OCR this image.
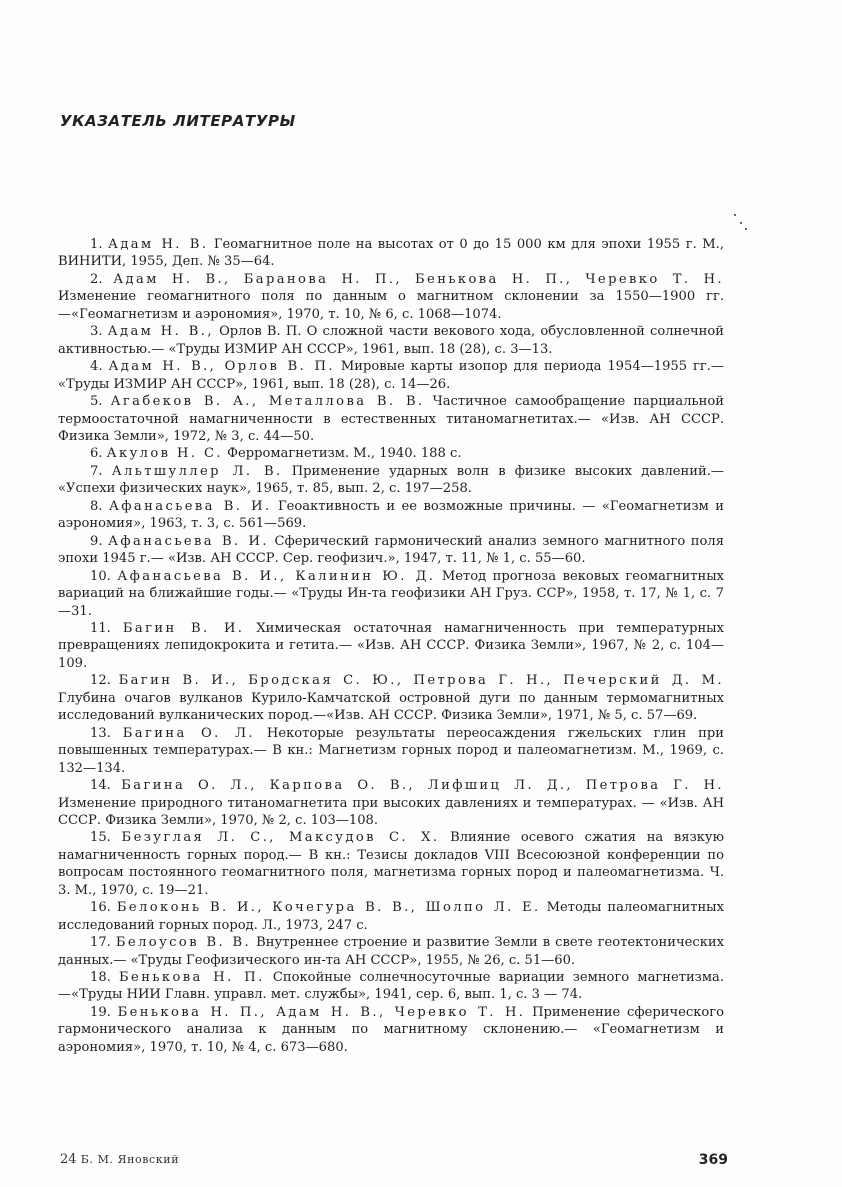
УКАЗАТЕЛЬ ЛИТЕРАТУРЫ

1. Адам Н. В. Геомагнитное поле на высотах от 0 до 15 000 км для эпохи 1955 г. М., ВИНИТИ, 1955, Деп. № 35—64.

2. Адам Н. В., Баранова Н. П., Бенькова Н. П., Черевко Т. Н. Изменение геомагнитного поля по данным о магнитном склонении за 1550—1900 гг.—«Геомагнетизм и аэрономия», 1970, т. 10, № 6, с. 1068—1074.

3. Адам Н. В., Орлов В. П. О сложной части векового хода, обусловленной солнечной активностью.— «Труды ИЗМИР АН СССР», 1961, вып. 18 (28), с. 3—13.

4. Адам Н. В., Орлов В. П. Мировые карты изопор для периода 1954—1955 гг.— «Труды ИЗМИР АН СССР», 1961, вып. 18 (28), с. 14—26.

5. Агабеков В. А., Металлова В. В. Частичное самообращение парциальной термоостаточной намагниченности в естественных титаномагнетитах.— «Изв. АН СССР. Физика Земли», 1972, № 3, с. 44—50.

6. Акулов Н. С. Ферромагнетизм. М., 1940. 188 с.

7. Альтшуллер Л. В. Применение ударных волн в физике высоких давлений.— «Успехи физических наук», 1965, т. 85, вып. 2, с. 197—258.

8. Афанасьева В. И. Геоактивность и ее возможные причины. — «Геомагнетизм и аэрономия», 1963, т. 3, с. 561—569.

9. Афанасьева В. И. Сферический гармонический анализ земного магнитного поля эпохи 1945 г.— «Изв. АН СССР. Сер. геофизич.», 1947, т. 11, № 1, с. 55—60.

10. Афанасьева В. И., Калинин Ю. Д. Метод прогноза вековых геомагнитных вариаций на ближайшие годы.— «Труды Ин-та геофизики АН Груз. ССР», 1958, т. 17, № 1, с. 7—31.

11. Багин В. И. Химическая остаточная намагниченность при температурных превращениях лепидокрокита и гетита.— «Изв. АН СССР. Физика Земли», 1967, № 2, с. 104—109.

12. Багин В. И., Бродская С. Ю., Петрова Г. Н., Печерский Д. М. Глубина очагов вулканов Курило-Камчатской островной дуги по данным термомагнитных исследований вулканических пород.—«Изв. АН СССР. Физика Земли», 1971, № 5, с. 57—69.

13. Багина О. Л. Некоторые результаты переосаждения гжельских глин при повышенных температурах.— В кн.: Магнетизм горных пород и палеомагнетизм. М., 1969, с. 132—134.

14. Багина О. Л., Карпова О. В., Лифшиц Л. Д., Петрова Г. Н. Изменение природного титаномагнетита при высоких давлениях и температурах. — «Изв. АН СССР. Физика Земли», 1970, № 2, с. 103—108.

15. Безуглая Л. С., Максудов С. Х. Влияние осевого сжатия на вязкую намагниченность горных пород.— В кн.: Тезисы докладов VIII Всесоюзной конференции по вопросам постоянного геомагнитного поля, магнетизма горных пород и палеомагнетизма. Ч. 3. М., 1970, с. 19—21.

16. Белоконь В. И., Кочегура В. В., Шолпо Л. Е. Методы палеомагнитных исследований горных пород. Л., 1973, 247 с.

17. Белоусов В. В. Внутреннее строение и развитие Земли в свете геотектонических данных.— «Труды Геофизического ин-та АН СССР», 1955, № 26, с. 51—60.

18. Бенькова Н. П. Спокойные солнечносуточные вариации земного магнетизма. —«Труды НИИ Главн. управл. мет. службы», 1941, сер. 6, вып. 1, с. 3 — 74.

19. Бенькова Н. П., Адам Н. В., Черевко Т. Н. Применение сферического гармонического анализа к данным по магнитному склонению.— «Геомагнетизм и аэрономия», 1970, т. 10, № 4, с. 673—680.

24 Б. М. Яновский	369
